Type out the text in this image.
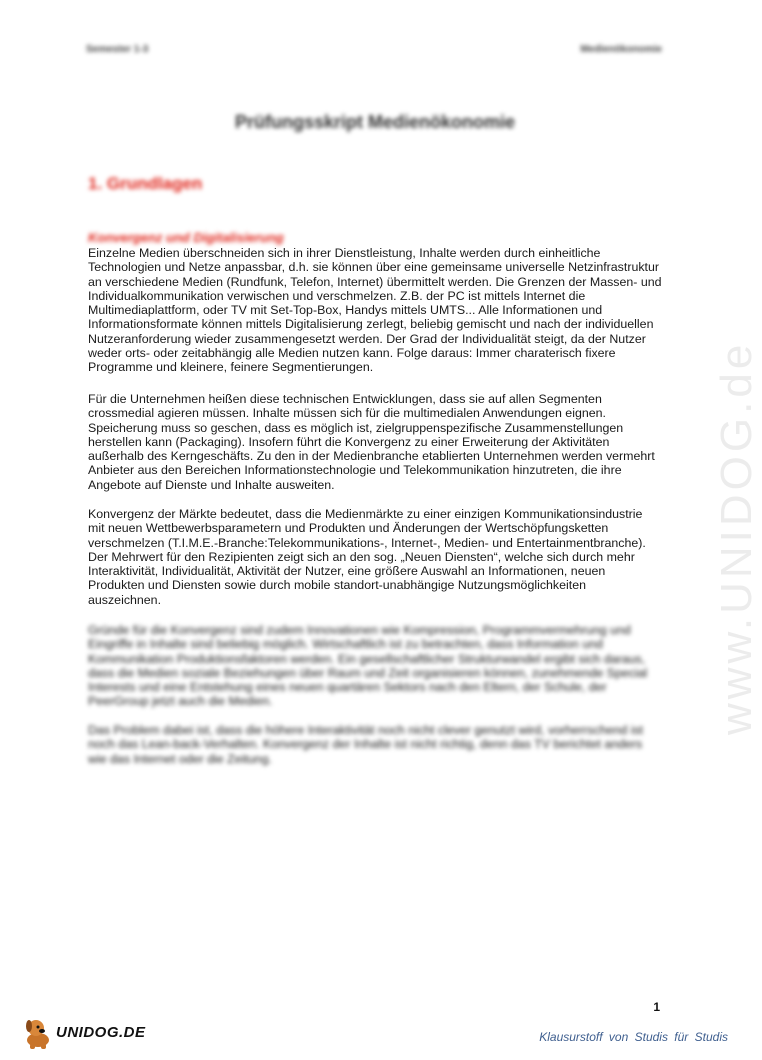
Semester 1-3	Medienökonomie
Prüfungsskript Medienökonomie
1. Grundlagen
Konvergenz und Digitalisierung

Einzelne Medien überschneiden sich in ihrer Dienstleistung, Inhalte werden durch einheitliche Technologien und Netze anpassbar, d.h. sie können über eine gemeinsame universelle Netzinfrastruktur an verschiedene Medien (Rundfunk, Telefon, Internet) übermittelt werden. Die Grenzen der Massen- und Individualkommunikation verwischen und verschmelzen. Z.B. der PC ist mittels Internet die Multimediaplattform, oder TV mit Set-Top-Box, Handys mittels UMTS... Alle Informationen und Informationsformate können mittels Digitalisierung zerlegt, beliebig gemischt und nach der individuellen Nutzeranforderung wieder zusammengesetzt werden. Der Grad der Individualität steigt, da der Nutzer weder orts- oder zeitabhängig alle Medien nutzen kann. Folge daraus: Immer charaterisch fixere Programme und kleinere, feinere Segmentierungen.

Für die Unternehmen heißen diese technischen Entwicklungen, dass sie auf allen Segmenten crossmedial agieren müssen. Inhalte müssen sich für die multimedialen Anwendungen eignen. Speicherung muss so geschen, dass es möglich ist, zielgruppenspezifische Zusammenstellungen herstellen kann (Packaging). Insofern führt die Konvergenz zu einer Erweiterung der Aktivitäten außerhalb des Kerngeschäfts. Zu den in der Medienbranche etablierten Unternehmen werden vermehrt Anbieter aus den Bereichen Informationstechnologie und Telekommunikation hinzutreten, die ihre Angebote auf Dienste und Inhalte ausweiten.

Konvergenz der Märkte bedeutet, dass die Medienmärkte zu einer einzigen Kommunikationsindustrie mit neuen Wettbewerbsparametern und Produkten und Änderungen der Wertschöpfungsketten verschmelzen (T.I.M.E.-Branche:Telekommunikations-, Internet-, Medien- und Entertainmentbranche). Der Mehrwert für den Rezipienten zeigt sich an den sog. „Neuen Diensten“, welche sich durch mehr Interaktivität, Individualität, Aktivität der Nutzer, eine größere Auswahl an Informationen, neuen Produkten und Diensten sowie durch mobile standort-unabhängige Nutzungsmöglichkeiten auszeichnen.

Gründe für die Konvergenz sind zudem Innovationen wie Kompression, Programmvermehrung und Eingriffe in Inhalte sind beliebig möglich. Wirtschaftlich ist zu betrachten, dass Information und Kommunikation Produktionsfaktoren werden. Ein gesellschaftlicher Strukturwandel ergibt sich daraus, dass die Medien soziale Beziehungen über Raum und Zeit organisieren können, zunehmende Special Interests und eine Entstehung eines neuen quartären Sektors nach den Eltern, der Schule, der PeerGroup jetzt auch die Medien.

Das Problem dabei ist, dass die höhere Interaktivität noch nicht clever genutzt wird, vorherrschend ist noch das Lean-back-Verhalten. Konvergenz der Inhalte ist nicht richtig, denn das TV berichtet anders wie das Internet oder die Zeitung.

www.UNIDOG.de
1
UNIDOG.DE	Klausurstoff von Studis für Studis
